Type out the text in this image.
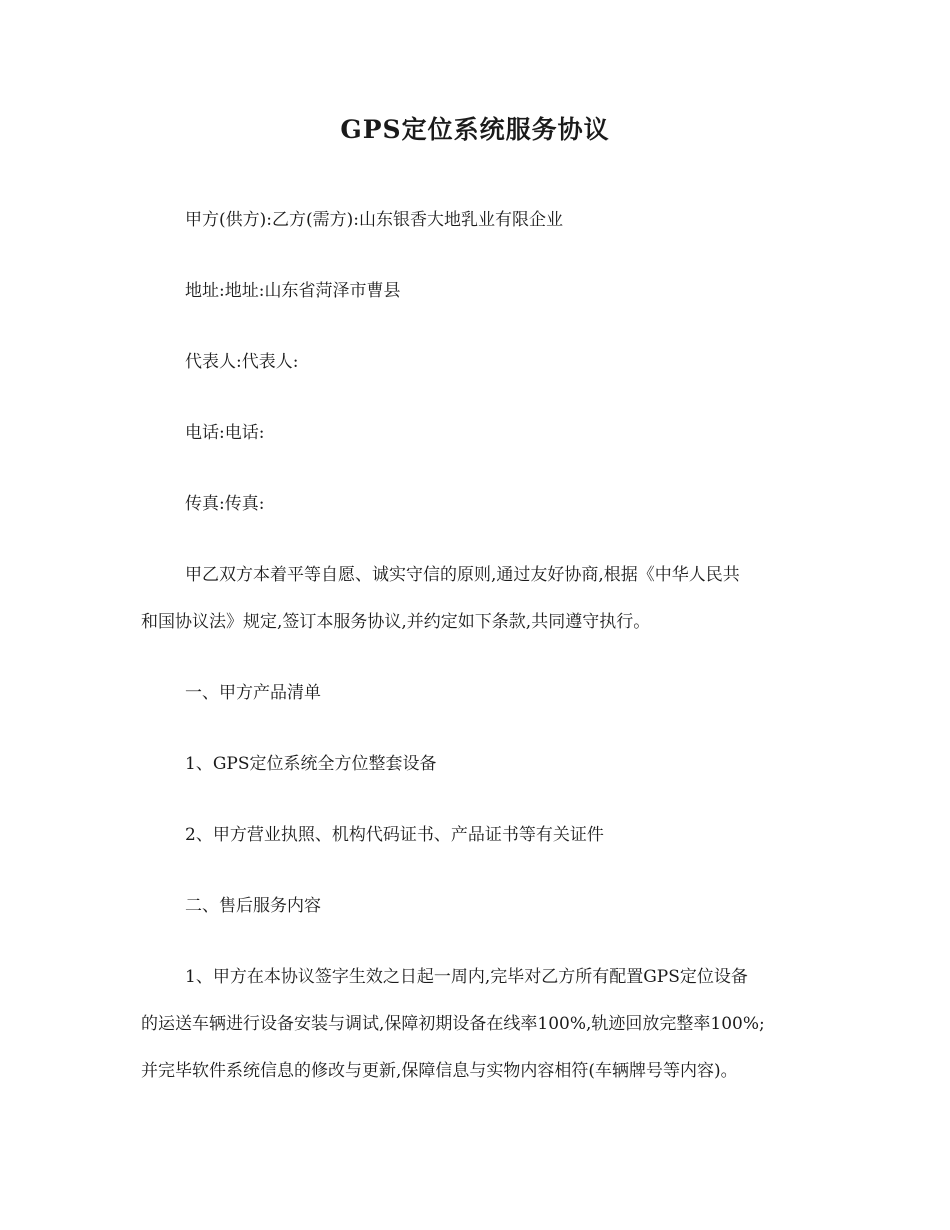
GPS定位系统服务协议
甲方(供方):乙方(需方):山东银香大地乳业有限企业
地址:地址:山东省菏泽市曹县
代表人:代表人:
电话:电话:
传真:传真:
甲乙双方本着平等自愿、诚实守信的原则,通过友好协商,根据《中华人民共
和国协议法》规定,签订本服务协议,并约定如下条款,共同遵守执行。
一、甲方产品清单
1、GPS定位系统全方位整套设备
2、甲方营业执照、机构代码证书、产品证书等有关证件
二、售后服务内容
1、甲方在本协议签字生效之日起一周内,完毕对乙方所有配置GPS定位设备
的运送车辆进行设备安装与调试,保障初期设备在线率100%,轨迹回放完整率100%;
并完毕软件系统信息的修改与更新,保障信息与实物内容相符(车辆牌号等内容)。
